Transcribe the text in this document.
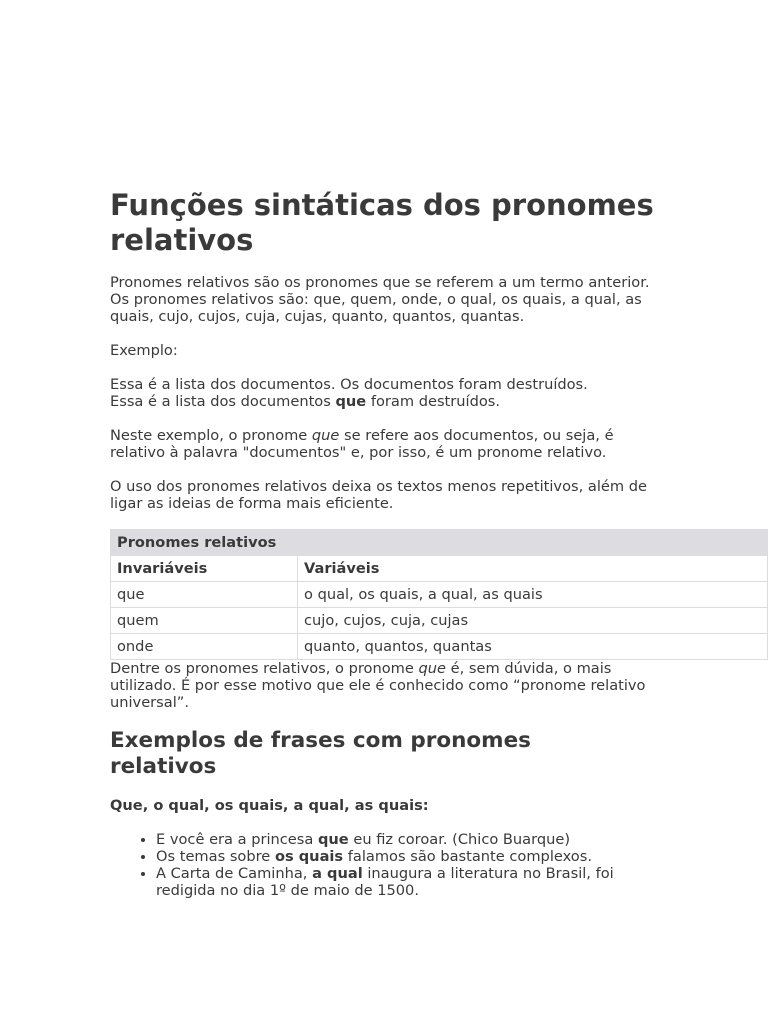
Funções sintáticas dos pronomes relativos

Pronomes relativos são os pronomes que se referem a um termo anterior. Os pronomes relativos são: que, quem, onde, o qual, os quais, a qual, as quais, cujo, cujos, cuja, cujas, quanto, quantos, quantas.

Exemplo:

Essa é a lista dos documentos. Os documentos foram destruídos.
Essa é a lista dos documentos que foram destruídos.

Neste exemplo, o pronome que se refere aos documentos, ou seja, é relativo à palavra "documentos" e, por isso, é um pronome relativo.

O uso dos pronomes relativos deixa os textos menos repetitivos, além de ligar as ideias de forma mais eficiente.

Pronomes relativos	
Invariáveis	Variáveis
que	o qual, os quais, a qual, as quais
quem	cujo, cujos, cuja, cujas
onde	quanto, quantos, quantas

Dentre os pronomes relativos, o pronome que é, sem dúvida, o mais utilizado. É por esse motivo que ele é conhecido como “pronome relativo universal”.

Exemplos de frases com pronomes relativos

Que, o qual, os quais, a qual, as quais:

• E você era a princesa que eu fiz coroar. (Chico Buarque)
• Os temas sobre os quais falamos são bastante complexos.
• A Carta de Caminha, a qual inaugura a literatura no Brasil, foi redigida no dia 1º de maio de 1500.
